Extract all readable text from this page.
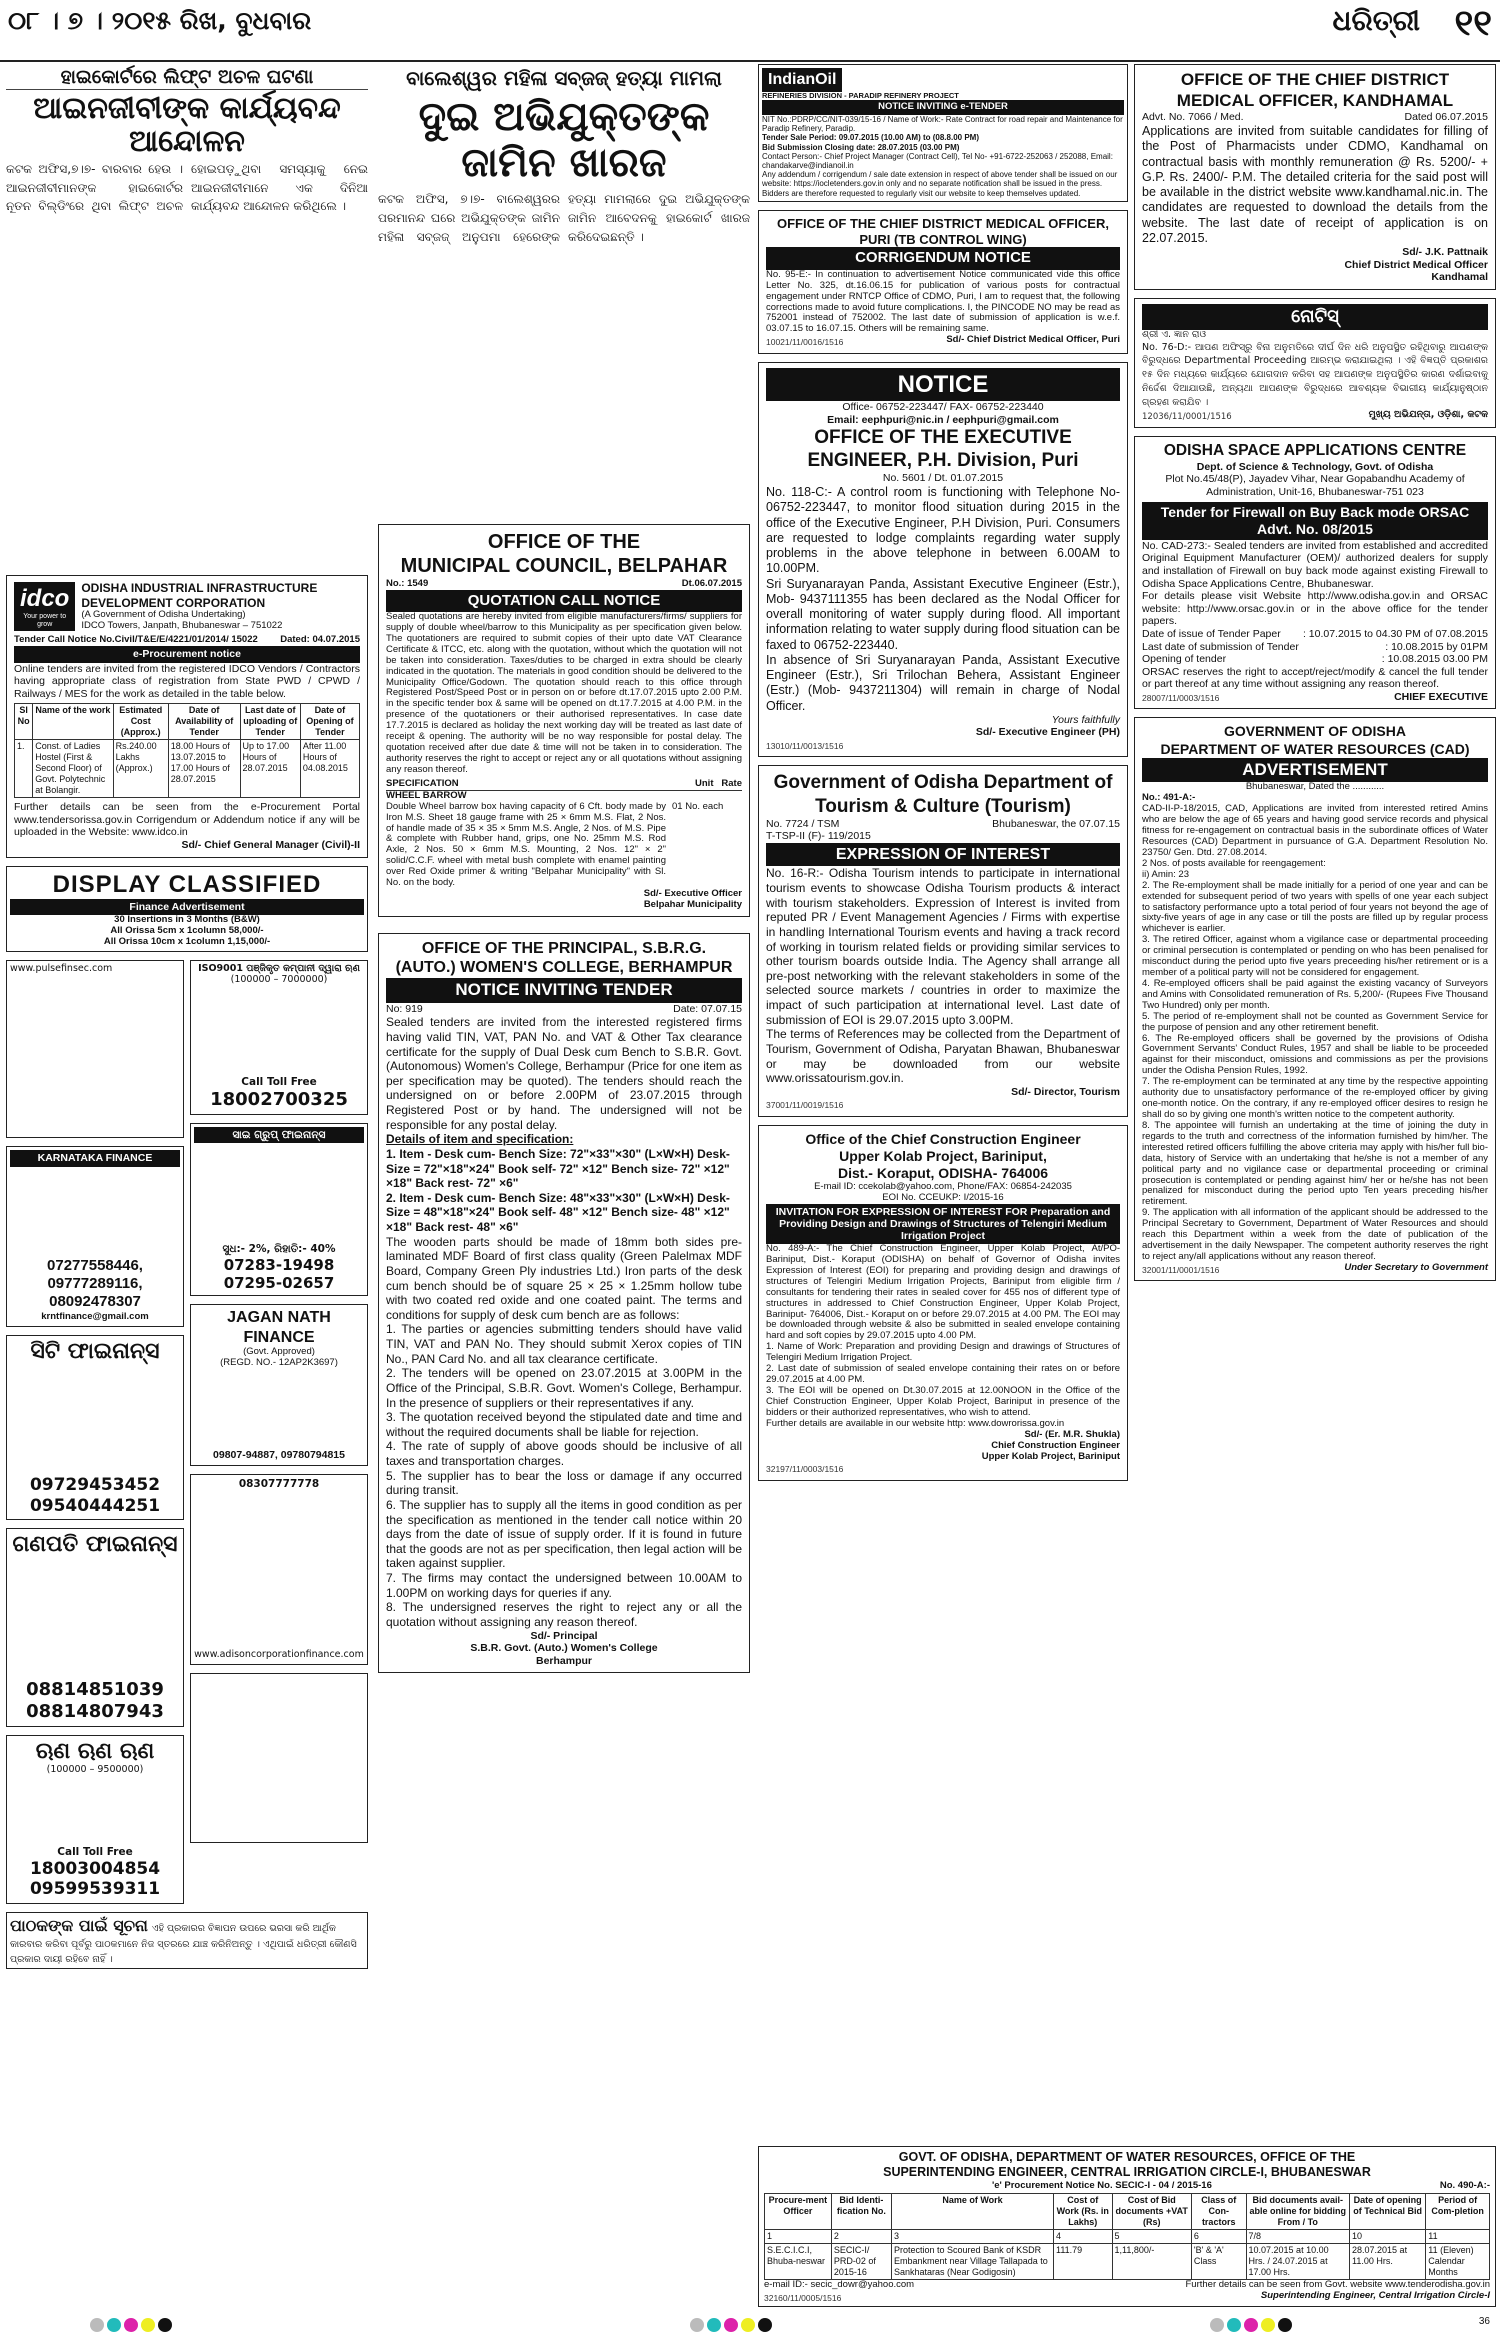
୦୮ । ୭ । ୨୦୧୫ ରିଖ, ବୁଧବାର	ଧରିତ୍ରୀ ୧୧
ହାଇକୋର୍ଟରେ ଲିଫ୍ଟ ଅଚଳ ଘଟଣା
ଆଇନଜୀବୀଙ୍କ କାର୍ଯ୍ୟବନ୍ଦ ଆନ୍ଦୋଳନ
କଟକ ଅଫିସ,୭।୭- ବାରବାର ହେଉ । ଆଇନଜୀବୀମାନଙ୍କ ହାଇକୋର୍ଟର ନୂତନ ବିଲ୍ଡିଂରେ ଥିବା ଲିଫ୍ଟ ଅଚଳ ହୋଇପଡ଼ୁଥିବା ସମସ୍ୟାକୁ ନେଇ ଆଇନଜୀବୀମାନେ ଏକ ଦିନିଆ କାର୍ଯ୍ୟବନ୍ଦ ଆନ୍ଦୋଳନ କରିଥିଲେ ।
ବାଲେଶ୍ୱର ମହିଳା ସବ୍‌ଜଜ୍ ହତ୍ୟା ମାମଲା
ଦୁଇ ଅଭିଯୁକ୍ତଙ୍କ ଜାମିନ ଖାରଜ
କଟକ ଅଫିସ, ୭।୭- ବାଲେଶ୍ୱରର ପରମାନନ୍ଦ ଘରେ ଅଭିଯୁକ୍ତଙ୍କ ଜାମିନ ମହିଳା ସବ୍‌ଜଜ୍ ଅନୁପମା ହେରେଙ୍କ ହତ୍ୟା ମାମଲାରେ ଦୁଇ ଅଭିଯୁକ୍ତଙ୍କ ଜାମିନ ଆବେଦନକୁ ହାଇକୋର୍ଟ ଖାରଜ କରିଦେଇଛନ୍ତି ।
idco
Your power to grow
ODISHA INDUSTRIAL INFRASTRUCTURE DEVELOPMENT CORPORATION
(A Government of Odisha Undertaking)
IDCO Towers, Janpath, Bhubaneswar – 751022
Tender Call Notice No.Civil/T&E/E/4221/01/2014/ 15022 Dated: 04.07.2015
e-Procurement notice
Online tenders are invited from the registered IDCO Vendors / Contractors having appropriate class of registration from State PWD / CPWD / Railways / MES for the work as detailed in the table below.
Sl No	Name of the work	Estimated Cost (Approx.)	Date of Availability of Tender	Last date of uploading of Tender	Date of Opening of Tender
1.	Const. of Ladies Hostel (First & Second Floor) of Govt. Polytechnic at Bolangir.	Rs.240.00 Lakhs (Approx.)	18.00 Hours of 13.07.2015 to 17.00 Hours of 28.07.2015	Up to 17.00 Hours of 28.07.2015	After 11.00 Hours of 04.08.2015
Further details can be seen from the e-Procurement Portal www.tendersorissa.gov.in Corrigendum or Addendum notice if any will be uploaded in the Website: www.idco.in
Sd/- Chief General Manager (Civil)-II
DISPLAY CLASSIFIED
Finance Advertisement
30 Insertions in 3 Months (B&W)
All Orissa 5cm x 1column 58,000/-
All Orissa 10cm x 1column 1,15,000/-
www.pulsefinsec.com
KARNATAKA FINANCE
07277558446, 09777289116, 08092478307
krntfinance@gmail.com
ସିଟି ଫାଇନାନ୍ସ
09729453452 09540444251
ଗଣପତି ଫାଇନାନ୍ସ
08814851039 08814807943
ଋଣ ଋଣ ଋଣ
(100000 – 9500000)
Call Toll Free
18003004854 09599539311
ISO9001 ପଞ୍ଜିକୃତ କମ୍ପାନୀ ଦ୍ୱାରା ଋଣ
(100000 – 7000000)
Call Toll Free
18002700325
ସାଇ ଗ୍ରୁପ୍ ଫାଇନାନ୍ସ
ସୁଧ:- 2%, ରିହାତି:- 40%
07283-19498 07295-02657
JAGAN NATH FINANCE
(Govt. Approved)
(REGD. NO.- 12AP2K3697)
09807-94887, 09780794815
08307777778
www.adisoncorporationfinance.com
ପାଠକଙ୍କ ପାଇଁ ସୂଚନା ଏହି ପ୍ରକାରର ବିଜ୍ଞାପନ ଉପରେ ଭରସା କରି ଆର୍ଥିକ କାରବାର କରିବା ପୂର୍ବରୁ ପାଠକମାନେ ନିଜ ସ୍ତରରେ ଯାଞ୍ଚ କରିନିଅନ୍ତୁ । ଏଥିପାଇଁ ଧରିତ୍ରୀ କୌଣସି ପ୍ରକାର ଦାୟୀ ରହିବେ ନାହିଁ ।
OFFICE OF THE
MUNICIPAL COUNCIL, BELPAHAR
No.: 1549	Dt.06.07.2015
QUOTATION CALL NOTICE
Sealed quotations are hereby invited from eligible manufacturers/firms/ suppliers for supply of double wheel/barrow to this Municipality as per specification given below. The quotationers are required to submit copies of their upto date VAT Clearance Certificate & ITCC, etc. along with the quotation, without which the quotation will not be taken into consideration. Taxes/duties to be charged in extra should be clearly indicated in the quotation. The materials in good condition should be delivered to the Municipality Office/Godown. The quotation should reach to this office through Registered Post/Speed Post or in person on or before dt.17.07.2015 upto 2.00 P.M. in the specific tender box & same will be opened on dt.17.7.2015 at 4.00 P.M. in the presence of the quotationers or their authorised representatives. In case date 17.7.2015 is declared as holiday the next working day will be treated as last date of receipt & opening. The authority will be no way responsible for postal delay. The quotation received after due date & time will not be taken in to consideration. The authority reserves the right to accept or reject any or all quotations without assigning any reason thereof.
SPECIFICATION	Unit Rate
WHEEL BARROW
Double Wheel barrow box having capacity of 6 Cft. body made by Iron M.S. Sheet 18 gauge frame with 25 × 6mm M.S. Flat, 2 Nos. of handle made of 35 × 35 × 5mm M.S. Angle, 2 Nos. of M.S. Pipe & complete with Rubber hand, grips, one No. 25mm M.S. Rod Axle, 2 Nos. 50 × 6mm M.S. Mounting, 2 Nos. 12" × 2" solid/C.C.F. wheel with metal bush complete with enamel painting over Red Oxide primer & writing "Belpahar Municipality" with Sl. No. on the body.
01 No. each
Sd/- Executive Officer
Belpahar Municipality
OFFICE OF THE PRINCIPAL, S.B.R.G.
(AUTO.) WOMEN'S COLLEGE, BERHAMPUR
NOTICE INVITING TENDER
No: 919	Date: 07.07.15
Sealed tenders are invited from the interested registered firms having valid TIN, VAT, PAN No. and VAT & Other Tax clearance certificate for the supply of Dual Desk cum Bench to S.B.R. Govt. (Autonomous) Women's College, Berhampur (Price for one item as per specification may be quoted). The tenders should reach the undersigned on or before 2.00PM of 23.07.2015 through Registered Post or by hand. The undersigned will not be responsible for any postal delay.
Details of item and specification:
1. Item - Desk cum- Bench Size: 72"×33"×30" (L×W×H) Desk- Size = 72"×18"×24" Book self- 72" ×12" Bench size- 72" ×12" ×18" Back rest- 72" ×6"
2. Item - Desk cum- Bench Size: 48"×33"×30" (L×W×H) Desk- Size = 48"×18"×24" Book self- 48" ×12" Bench size- 48" ×12" ×18" Back rest- 48" ×6"
The wooden parts should be made of 18mm both sides pre-laminated MDF Board of first class quality (Green Palelmax MDF Board, Company Green Ply industries Ltd.) Iron parts of the desk cum bench should be of square 25 × 25 × 1.25mm hollow tube with two coated red oxide and one coated paint. The terms and conditions for supply of desk cum bench are as follows:
1. The parties or agencies submitting tenders should have valid TIN, VAT and PAN No. They should submit Xerox copies of TIN No., PAN Card No. and all tax clearance certificate.
2. The tenders will be opened on 23.07.2015 at 3.00PM in the Office of the Principal, S.B.R. Govt. Women's College, Berhampur. In the presence of suppliers or their representatives if any.
3. The quotation received beyond the stipulated date and time and without the required documents shall be liable for rejection.
4. The rate of supply of above goods should be inclusive of all taxes and transportation charges.
5. The supplier has to bear the loss or damage if any occurred during transit.
6. The supplier has to supply all the items in good condition as per the specification as mentioned in the tender call notice within 20 days from the date of issue of supply order. If it is found in future that the goods are not as per specification, then legal action will be taken against supplier.
7. The firms may contact the undersigned between 10.00AM to 1.00PM on working days for queries if any.
8. The undersigned reserves the right to reject any or all the quotation without assigning any reason thereof.
Sd/- Principal
S.B.R. Govt. (Auto.) Women's College
Berhampur
IndianOil
REFINERIES DIVISION - PARADIP REFINERY PROJECT
NOTICE INVITING e-TENDER
NIT No.:PDRP/CC/NIT-039/15-16 / Name of Work:- Rate Contract for road repair and Maintenance for Paradip Refinery, Paradip.
Tender Sale Period: 09.07.2015 (10.00 AM) to (08.8.00 PM)
Bid Submission Closing date: 28.07.2015 (03.00 PM)
Contact Person:- Chief Project Manager (Contract Cell), Tel No- +91-6722-252063 / 252088, Email: chandakarve@indianoil.in
Any addendum / corrigendum / sale date extension in respect of above tender shall be issued on our website: https://iocletenders.gov.in only and no separate notification shall be issued in the press. Bidders are therefore requested to regularly visit our website to keep themselves updated.
OFFICE OF THE CHIEF DISTRICT MEDICAL OFFICER, PURI (TB CONTROL WING)
CORRIGENDUM NOTICE
No. 95-E:- In continuation to advertisement Notice communicated vide this office Letter No. 325, dt.16.06.15 for publication of various posts for contractual engagement under RNTCP Office of CDMO, Puri, I am to request that, the following corrections made to avoid future complications. I, the PINCODE NO may be read as 752001 instead of 752002. The last date of submission of application is w.e.f. 03.07.15 to 16.07.15. Others will be remaining same.
10021/11/0016/1516	Sd/- Chief District Medical Officer, Puri
NOTICE
Office- 06752-223447/ FAX- 06752-223440
Email: eephpuri@nic.in / eephpuri@gmail.com
OFFICE OF THE EXECUTIVE ENGINEER, P.H. Division, Puri
No. 5601 / Dt. 01.07.2015
No. 118-C:- A control room is functioning with Telephone No- 06752-223447, to monitor flood situation during 2015 in the office of the Executive Engineer, P.H Division, Puri. Consumers are requested to lodge complaints regarding water supply problems in the above telephone in between 6.00AM to 10.00PM.
Sri Suryanarayan Panda, Assistant Executive Engineer (Estr.), Mob- 9437111355 has been declared as the Nodal Officer for overall monitoring of water supply during flood. All important information relating to water supply during flood situation can be faxed to 06752-223440.
In absence of Sri Suryanarayan Panda, Assistant Executive Engineer (Estr.), Sri Trilochan Behera, Assistant Engineer (Estr.) (Mob- 9437211304) will remain in charge of Nodal Officer.
Yours faithfully
Sd/- Executive Engineer (PH)
13010/11/0013/1516
Government of Odisha Department of Tourism & Culture (Tourism)
No. 7724 / TSM	Bhubaneswar, the 07.07.15
T-TSP-II (F)- 119/2015
EXPRESSION OF INTEREST
No. 16-R:- Odisha Tourism intends to participate in international tourism events to showcase Odisha Tourism products & interact with tourism stakeholders. Expression of Interest is invited from reputed PR / Event Management Agencies / Firms with expertise in handling International Tourism events and having a track record of working in tourism related fields or providing similar services to other tourism boards outside India. The Agency shall arrange all pre-post networking with the relevant stakeholders in some of the selected source markets / countries in order to maximize the impact of such participation at international level. Last date of submission of EOI is 29.07.2015 upto 3.00PM.
The terms of References may be collected from the Department of Tourism, Government of Odisha, Paryatan Bhawan, Bhubaneswar or may be downloaded from our website www.orissatourism.gov.in.
Sd/- Director, Tourism
37001/11/0019/1516
Office of the Chief Construction Engineer
Upper Kolab Project, Bariniput,
Dist.- Koraput, ODISHA- 764006
E-mail ID: ccekolab@yahoo.com, Phone/FAX: 06854-242035
EOI No. CCEUKP: I/2015-16
INVITATION FOR EXPRESSION OF INTEREST FOR Preparation and Providing Design and Drawings of Structures of Telengiri Medium Irrigation Project
No. 489-A:- The Chief Construction Engineer, Upper Kolab Project, At/PO- Bariniput, Dist.- Koraput (ODISHA) on behalf of Governor of Odisha invites Expression of Interest (EOI) for preparing and providing design and drawings of structures of Telengiri Medium Irrigation Projects, Bariniput from eligible firm / consultants for tendering their rates in sealed cover for 455 nos of different type of structures in addressed to Chief Construction Engineer, Upper Kolab Project, Bariniput- 764006, Dist.- Koraput on or before 29.07.2015 at 4.00 PM. The EOI may be downloaded through website & also be submitted in sealed envelope containing hard and soft copies by 29.07.2015 upto 4.00 PM.
1. Name of Work: Preparation and providing Design and drawings of Structures of Telengiri Medium Irrigation Project.
2. Last date of submission of sealed envelope containing their rates on or before 29.07.2015 at 4.00 PM.
3. The EOI will be opened on Dt.30.07.2015 at 12.00NOON in the Office of the Chief Construction Engineer, Upper Kolab Project, Bariniput in presence of the bidders or their authorized representatives, who wish to attend.
Further details are available in our website http: www.dowrorissa.gov.in
Sd/- (Er. M.R. Shukla)
Chief Construction Engineer
Upper Kolab Project, Bariniput
32197/11/0003/1516
OFFICE OF THE CHIEF DISTRICT MEDICAL OFFICER, KANDHAMAL
Advt. No. 7066 / Med.	Dated 06.07.2015
Applications are invited from suitable candidates for filling of the Post of Pharmacists under CDMO, Kandhamal on contractual basis with monthly remuneration @ Rs. 5200/- + G.P. Rs. 2400/- P.M. The detailed criteria for the said post will be available in the district website www.kandhamal.nic.in. The candidates are requested to download the details from the website. The last date of receipt of application is on 22.07.2015.
Sd/- J.K. Pattnaik
Chief District Medical Officer
Kandhamal
ନୋଟିସ୍
ଶ୍ରୀ ଏ. ଜ୍ଞାନ ରାଓ
No. 76-D:- ଆପଣ ଅଫିସ୍‌ରୁ ବିନା ଅନୁମତିରେ ଦୀର୍ଘ ଦିନ ଧରି ଅନୁପସ୍ଥିତ ରହିଥିବାରୁ ଆପଣଙ୍କ ବିରୁଦ୍ଧରେ Departmental Proceeding ଆରମ୍ଭ କରାଯାଇଥିଲା । ଏହି ବିଜ୍ଞପ୍ତି ପ୍ରକାଶର ୧୫ ଦିନ ମଧ୍ୟରେ କାର୍ଯ୍ୟରେ ଯୋଗଦାନ କରିବା ସହ ଆପଣଙ୍କ ଅନୁପସ୍ଥିତିର କାରଣ ଦର୍ଶାଇବାକୁ ନିର୍ଦ୍ଦେଶ ଦିଆଯାଉଛି, ଅନ୍ୟଥା ଆପଣଙ୍କ ବିରୁଦ୍ଧରେ ଆବଶ୍ୟକ ବିଭାଗୀୟ କାର୍ଯ୍ୟାନୁଷ୍ଠାନ ଗ୍ରହଣ କରାଯିବ ।
12036/11/0001/1516	ମୁଖ୍ୟ ଅଭିଯନ୍ତା, ଓଡ଼ିଶା, କଟକ
ODISHA SPACE APPLICATIONS CENTRE
Dept. of Science & Technology, Govt. of Odisha
Plot No.45/48(P), Jayadev Vihar, Near Gopabandhu Academy of Administration, Unit-16, Bhubaneswar-751 023
Tender for Firewall on Buy Back mode ORSAC Advt. No. 08/2015
No. CAD-273:- Sealed tenders are invited from established and accredited Original Equipment Manufacturer (OEM)/ authorized dealers for supply and installation of Firewall on buy back mode against existing Firewall to Odisha Space Applications Centre, Bhubaneswar.
For details please visit Website http://www.odisha.gov.in and ORSAC website: http://www.orsac.gov.in or in the above office for the tender papers.
Date of issue of Tender Paper : 10.07.2015 to 04.30 PM of 07.08.2015
Last date of submission of Tender	: 10.08.2015 by 01PM
Opening of tender	: 10.08.2015 03.00 PM
ORSAC reserves the right to accept/reject/modify & cancel the full tender or part thereof at any time without assigning any reason thereof.
28007/11/0003/1516	CHIEF EXECUTIVE
GOVERNMENT OF ODISHA
DEPARTMENT OF WATER RESOURCES (CAD)
ADVERTISEMENT
Bhubaneswar, Dated the ............
No.: 491-A:-
CAD-II-P-18/2015, CAD, Applications are invited from interested retired Amins who are below the age of 65 years and having good service records and physical fitness for re-engagement on contractual basis in the subordinate offices of Water Resources (CAD) Department in pursuance of G.A. Department Resolution No. 23750/ Gen. Dtd. 27.08.2014.
2 Nos. of posts available for reengagement:
ii) Amin: 23
2. The Re-employment shall be made initially for a period of one year and can be extended for subsequent period of two years with spells of one year each subject to satisfactory performance upto a total period of four years not beyond the age of sixty-five years of age in any case or till the posts are filled up by regular process whichever is earlier.
3. The retired Officer, against whom a vigilance case or departmental proceeding or criminal persecution is contemplated or pending on who has been penalised for misconduct during the period upto five years preceeding his/her retirement or is a member of a political party will not be considered for engagement.
4. Re-employed officers shall be paid against the existing vacancy of Surveyors and Amins with Consolidated remuneration of Rs. 5,200/- (Rupees Five Thousand Two Hundred) only per month.
5. The period of re-employment shall not be counted as Government Service for the purpose of pension and any other retirement benefit.
6. The Re-employed officers shall be governed by the provisions of Odisha Government Servants' Conduct Rules, 1957 and shall be liable to be proceeded against for their misconduct, omissions and commissions as per the provisions under the Odisha Pension Rules, 1992.
7. The re-employment can be terminated at any time by the respective appointing authority due to unsatisfactory performance of the re-employed officer by giving one-month notice. On the contrary, if any re-employed officer desires to resign he shall do so by giving one month's written notice to the competent authority.
8. The appointee will furnish an undertaking at the time of joining the duty in regards to the truth and correctness of the information furnished by him/her. The interested retired officers fulfilling the above criteria may apply with his/her full bio-data, history of Service with an undertaking that he/she is not a member of any political party and no vigilance case or departmental proceeding or criminal prosecution is contemplated or pending against him/ her or he/she has not been penalized for misconduct during the period upto Ten years preceding his/her retirement.
9. The application with all information of the applicant should be addressed to the Principal Secretary to Government, Department of Water Resources and should reach this Department within a week from the date of publication of the advertisement in the daily Newspaper. The competent authority reserves the right to reject any/all applications without any reason thereof.
32001/11/0001/1516	Under Secretary to Government
GOVT. OF ODISHA, DEPARTMENT OF WATER RESOURCES, OFFICE OF THE
SUPERINTENDING ENGINEER, CENTRAL IRRIGATION CIRCLE-I, BHUBANESWAR
'e' Procurement Notice No. SECIC-I - 04 / 2015-16	No. 490-A:-
Procure-ment Officer	Bid Identi-fication No.	Name of Work	Cost of Work (Rs. in Lakhs)	Cost of Bid documents +VAT (Rs)	Class of Con-tractors	Bid documents avail-able online for bidding From / To	Date of opening of Technical Bid	Period of Com-pletion
1	2	3	4	5	6	7/8	10	11
S.E.C.I.C.I, Bhuba-neswar	SECIC-I/ PRD-02 of 2015-16	Protection to Scoured Bank of KSDR Embankment near Village Tallapada to Sankhataras (Near Godigosin)	111.79	1,11,800/-	'B' & 'A' Class	10.07.2015 at 10.00 Hrs. / 24.07.2015 at 17.00 Hrs.	28.07.2015 at 11.00 Hrs.	11 (Eleven) Calendar Months
e-mail ID:- secic_dowr@yahoo.com	Further details can be seen from Govt. website www.tenderodisha.gov.in
32160/11/0005/1516	Superintending Engineer, Central Irrigation Circle-I
36
